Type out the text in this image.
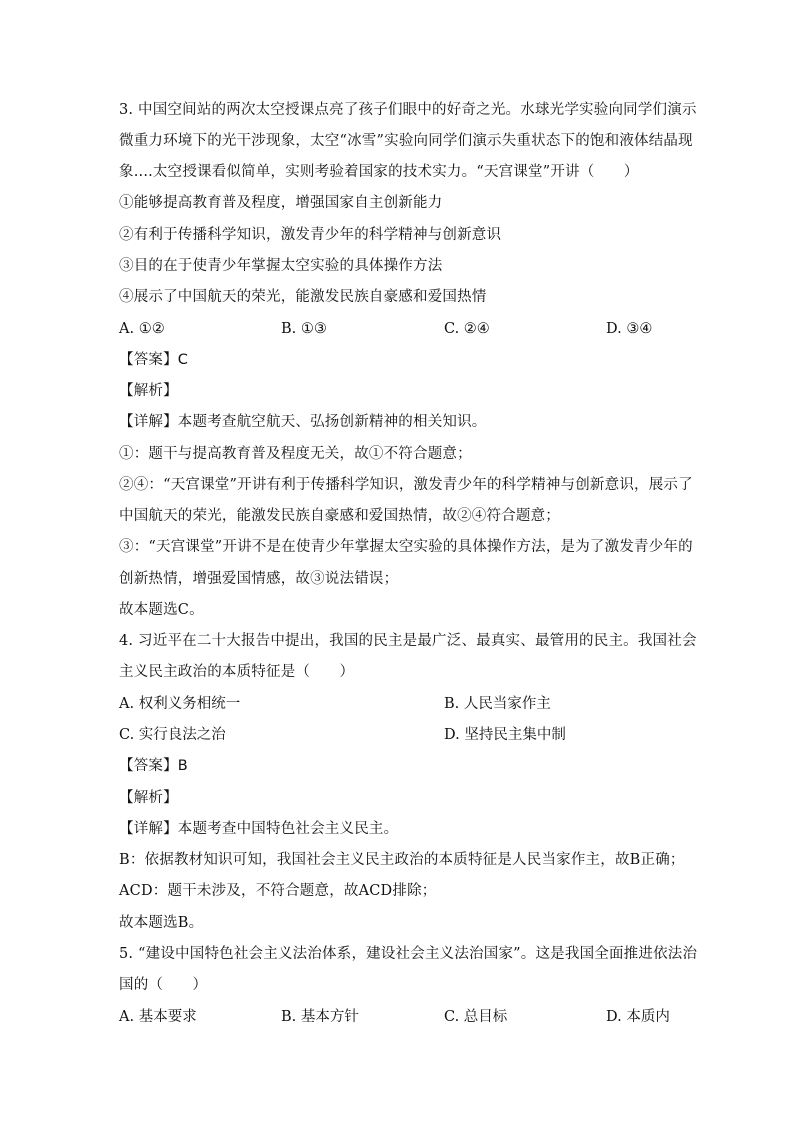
3. 中国空间站的两次太空授课点亮了孩子们眼中的好奇之光。水球光学实验向同学们演示
微重力环境下的光干涉现象，太空“冰雪”实验向同学们演示失重状态下的饱和液体结晶现
象....太空授课看似简单，实则考验着国家的技术实力。“天宫课堂”开讲（　　）
①能够提高教育普及程度，增强国家自主创新能力
②有利于传播科学知识，激发青少年的科学精神与创新意识
③目的在于使青少年掌握太空实验的具体操作方法
④展示了中国航天的荣光，能激发民族自豪感和爱国热情
A. ①②	B. ①③	C. ②④	D. ③④
【答案】C
【解析】
【详解】本题考查航空航天、弘扬创新精神的相关知识。
①：题干与提高教育普及程度无关，故①不符合题意；
②④：“天宫课堂”开讲有利于传播科学知识，激发青少年的科学精神与创新意识，展示了
中国航天的荣光，能激发民族自豪感和爱国热情，故②④符合题意；
③：“天宫课堂”开讲不是在使青少年掌握太空实验的具体操作方法，是为了激发青少年的
创新热情，增强爱国情感，故③说法错误；
故本题选C。
4. 习近平在二十大报告中提出，我国的民主是最广泛、最真实、最管用的民主。我国社会
主义民主政治的本质特征是（　　）
A. 权利义务相统一	B. 人民当家作主
C. 实行良法之治	D. 坚持民主集中制
【答案】B
【解析】
【详解】本题考查中国特色社会主义民主。
B：依据教材知识可知，我国社会主义民主政治的本质特征是人民当家作主，故B正确；
ACD：题干未涉及，不符合题意，故ACD排除；
故本题选B。
5. “建设中国特色社会主义法治体系，建设社会主义法治国家”。这是我国全面推进依法治
国的（　　）
A. 基本要求	B. 基本方针	C. 总目标	D. 本质内
